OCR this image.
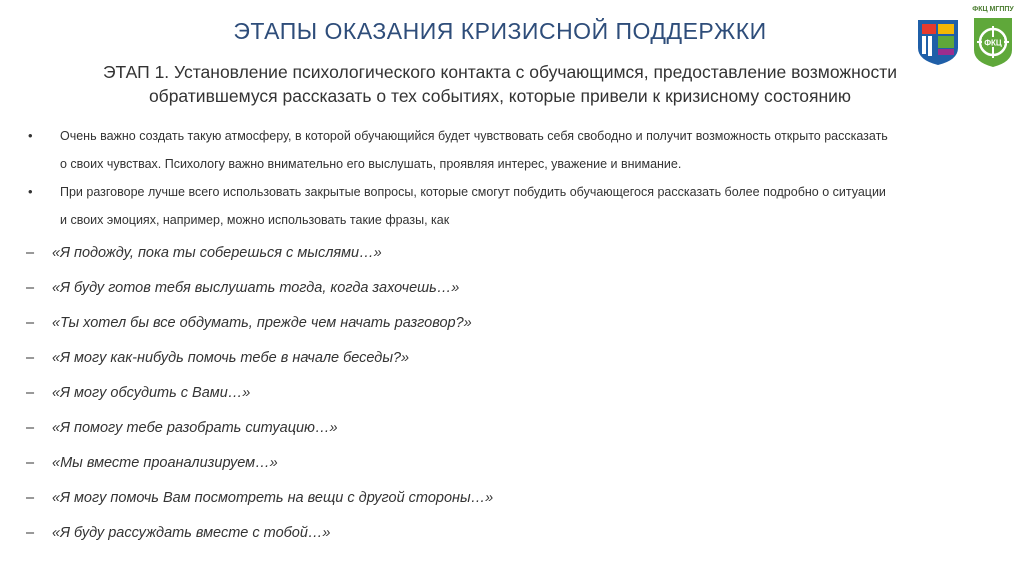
ЭТАПЫ ОКАЗАНИЯ КРИЗИСНОЙ ПОДДЕРЖКИ
ЭТАП 1. Установление психологического контакта с обучающимся, предоставление возможности
обратившемуся рассказать о тех событиях, которые привели к кризисному состоянию
ФКЦ МГППУ
ФКЦ
• Очень важно создать такую атмосферу, в которой обучающийся будет чувствовать себя свободно и получит возможность открыто рассказать
о своих чувствах. Психологу важно внимательно его выслушать, проявляя интерес, уважение и внимание.
• При разговоре лучше всего использовать закрытые вопросы, которые смогут побудить обучающегося рассказать более подробно о ситуации
и своих эмоциях, например, можно использовать такие фразы, как
– «Я подожду, пока ты соберешься с мыслями…»
– «Я буду готов тебя выслушать тогда, когда захочешь…»
– «Ты хотел бы все обдумать, прежде чем начать разговор?»
– «Я могу как-нибудь помочь тебе в начале беседы?»
– «Я могу обсудить с Вами…»
– «Я помогу тебе разобрать ситуацию…»
– «Мы вместе проанализируем…»
– «Я могу помочь Вам посмотреть на вещи с другой стороны…»
– «Я буду рассуждать вместе с тобой…»
